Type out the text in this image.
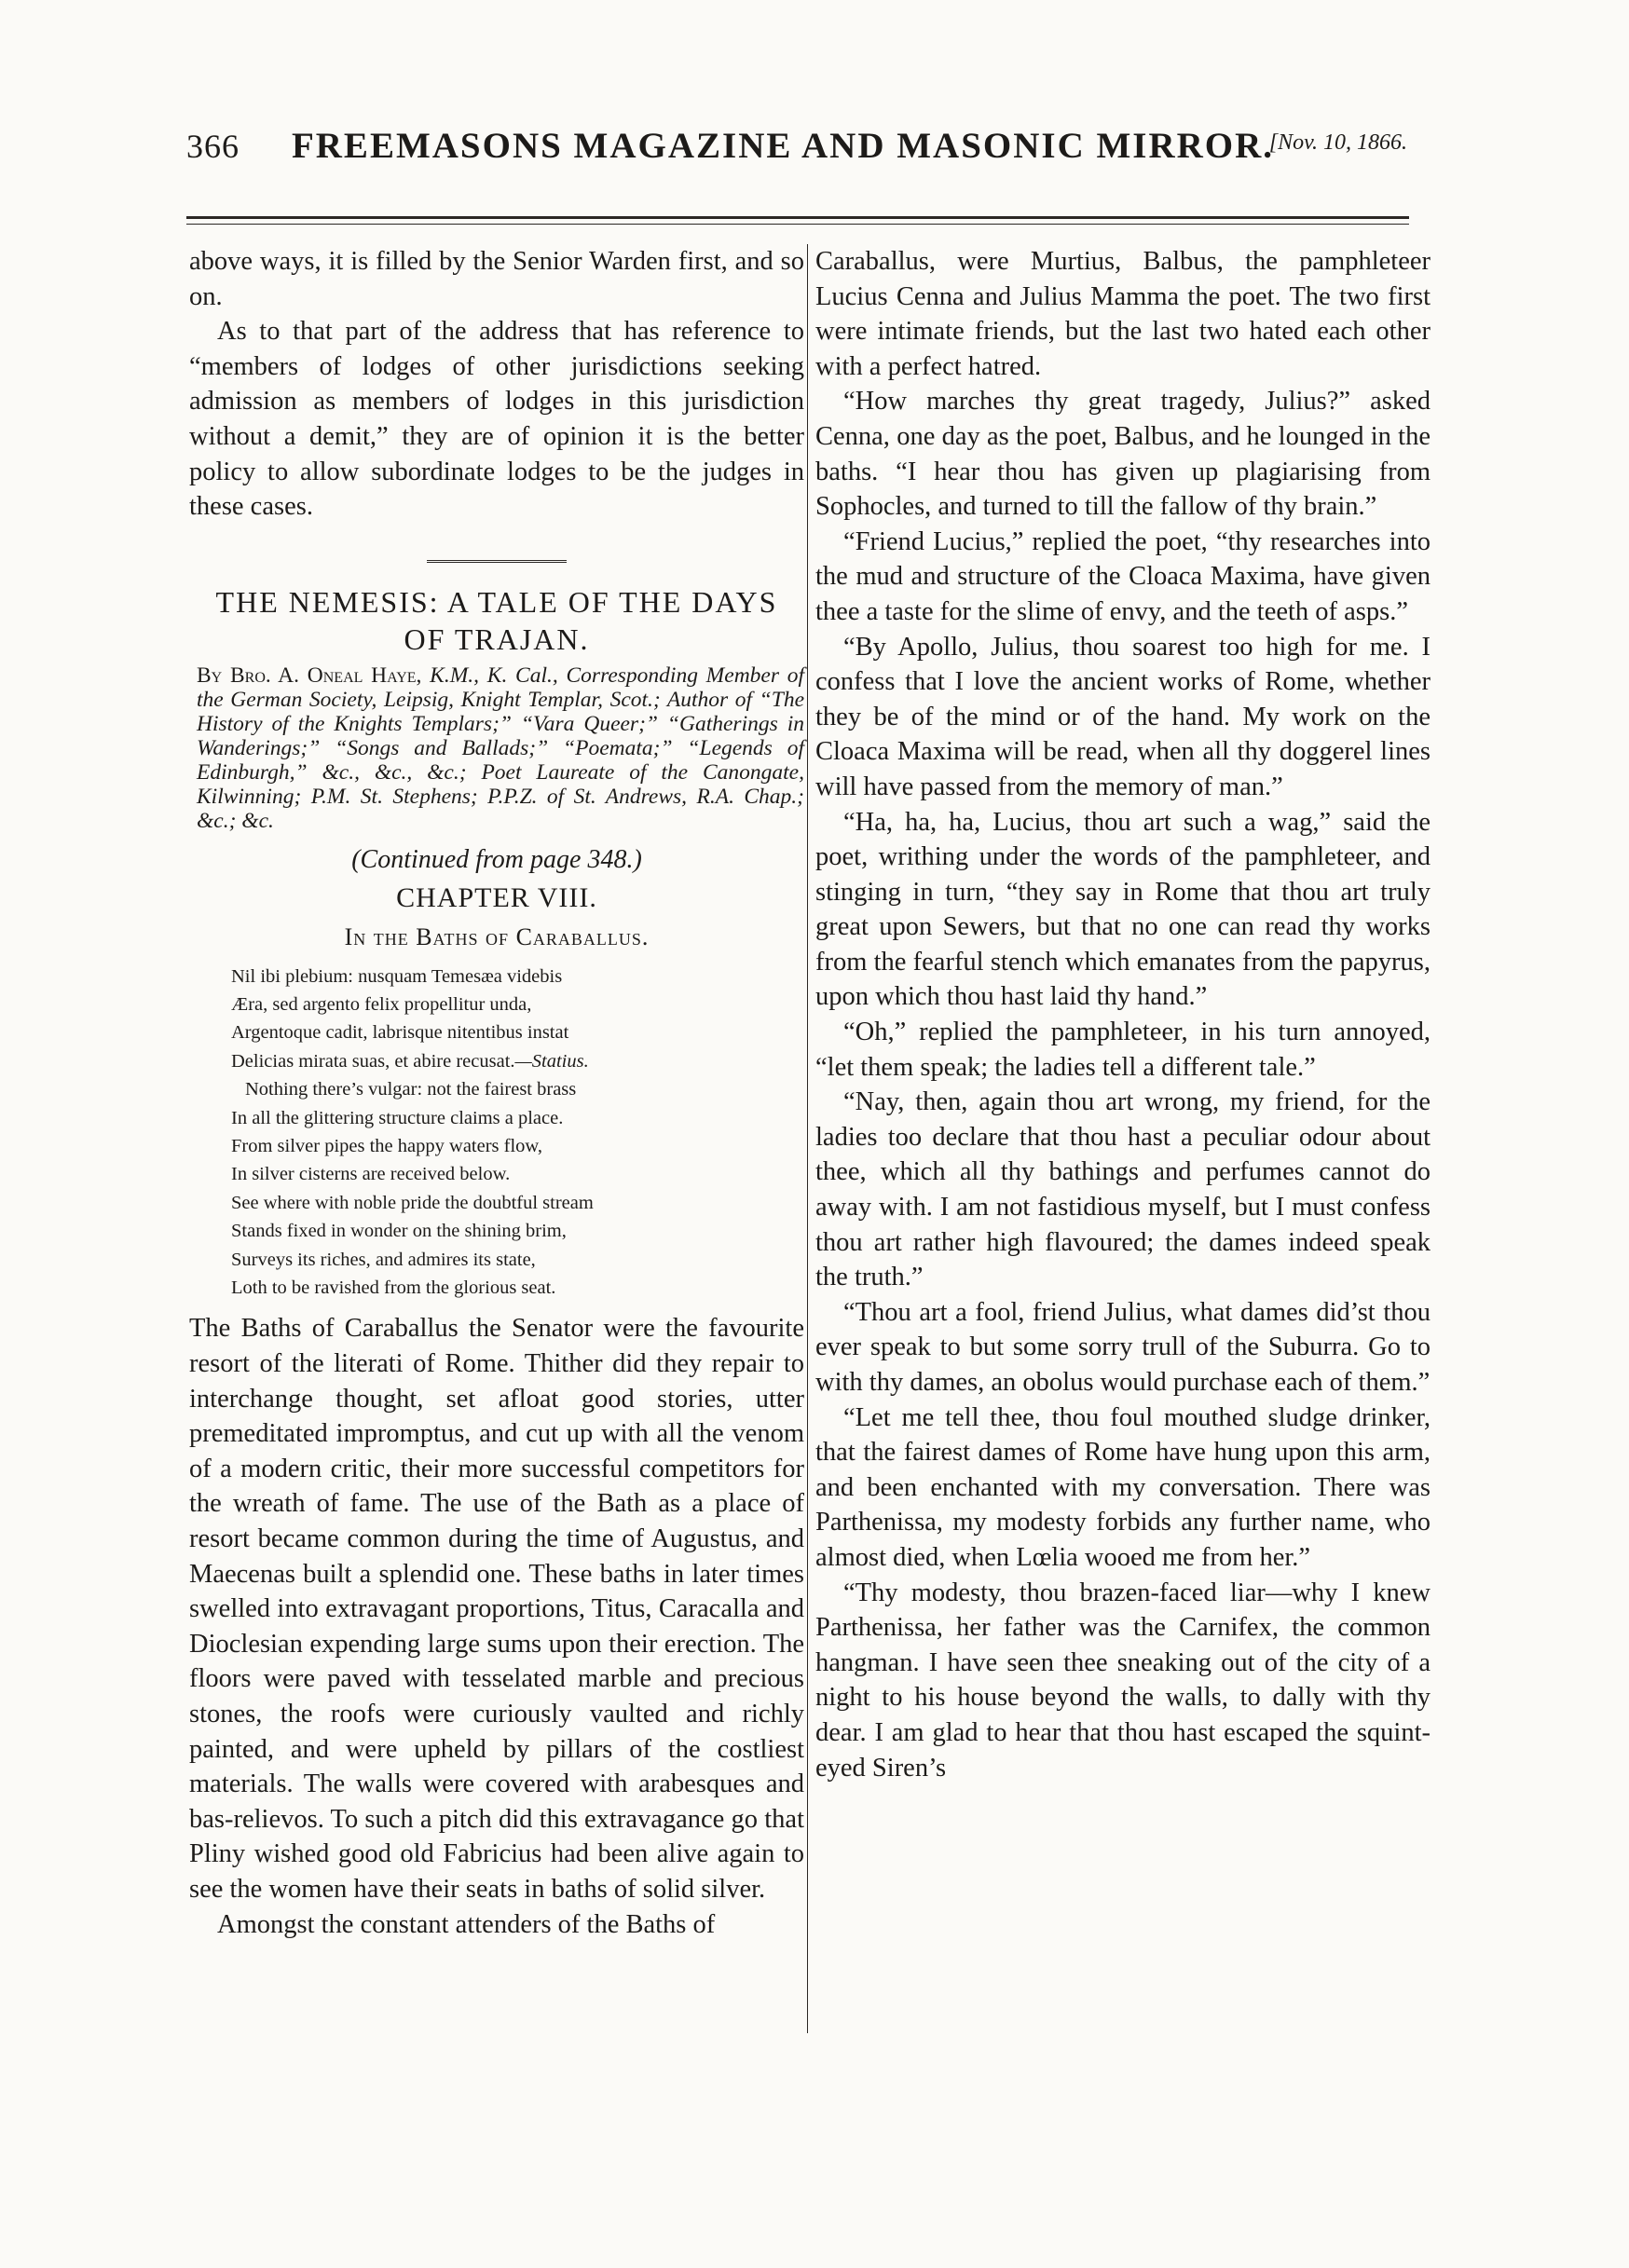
366	FREEMASONS MAGAZINE AND MASONIC MIRROR.
[Nov. 10, 1866.

above ways, it is filled by the Senior Warden first, and so on.

As to that part of the address that has reference to “members of lodges of other jurisdictions seeking admission as members of lodges in this jurisdiction without a demit,” they are of opinion it is the better policy to allow subordinate lodges to be the judges in these cases.

THE NEMESIS: A TALE OF THE DAYS OF TRAJAN.
By Bro. A. Oneal Haye, K.M., K. Cal., Corresponding Member of the German Society, Leipsig, Knight Templar, Scot.; Author of “The History of the Knights Templars;” “Vara Queer;” “Gatherings in Wanderings;” “Songs and Ballads;” “Poemata;” “Legends of Edinburgh,” &c., &c., &c.; Poet Laureate of the Canongate, Kilwinning; P.M. St. Stephens; P.P.Z. of St. Andrews, R.A. Chap.; &c.; &c.
(Continued from page 348.)
CHAPTER VIII.
In the Baths of Caraballus.
Nil ibi plebium: nusquam Temesæa videbis
Æra, sed argento felix propellitur unda,
Argentoque cadit, labrisque nitentibus instat
Delicias mirata suas, et abire recusat.—Statius.
Nothing there’s vulgar: not the fairest brass
In all the glittering structure claims a place.
From silver pipes the happy waters flow,
In silver cisterns are received below.
See where with noble pride the doubtful stream
Stands fixed in wonder on the shining brim,
Surveys its riches, and admires its state,
Loth to be ravished from the glorious seat.

The Baths of Caraballus the Senator were the favourite resort of the literati of Rome. Thither did they repair to interchange thought, set afloat good stories, utter premeditated impromptus, and cut up with all the venom of a modern critic, their more successful competitors for the wreath of fame. The use of the Bath as a place of resort became common during the time of Augustus, and Maecenas built a splendid one. These baths in later times swelled into extravagant proportions, Titus, Caracalla and Dioclesian expending large sums upon their erection. The floors were paved with tesselated marble and precious stones, the roofs were curiously vaulted and richly painted, and were upheld by pillars of the costliest materials. The walls were covered with arabesques and bas-relievos. To such a pitch did this extravagance go that Pliny wished good old Fabricius had been alive again to see the women have their seats in baths of solid silver.

Amongst the constant attenders of the Baths of

Caraballus, were Murtius, Balbus, the pamphleteer Lucius Cenna and Julius Mamma the poet. The two first were intimate friends, but the last two hated each other with a perfect hatred.

“How marches thy great tragedy, Julius?” asked Cenna, one day as the poet, Balbus, and he lounged in the baths. “I hear thou has given up plagiarising from Sophocles, and turned to till the fallow of thy brain.”

“Friend Lucius,” replied the poet, “thy researches into the mud and structure of the Cloaca Maxima, have given thee a taste for the slime of envy, and the teeth of asps.”

“By Apollo, Julius, thou soarest too high for me. I confess that I love the ancient works of Rome, whether they be of the mind or of the hand. My work on the Cloaca Maxima will be read, when all thy doggerel lines will have passed from the memory of man.”

“Ha, ha, ha, Lucius, thou art such a wag,” said the poet, writhing under the words of the pamphleteer, and stinging in turn, “they say in Rome that thou art truly great upon Sewers, but that no one can read thy works from the fearful stench which emanates from the papyrus, upon which thou hast laid thy hand.”

“Oh,” replied the pamphleteer, in his turn annoyed, “let them speak; the ladies tell a different tale.”

“Nay, then, again thou art wrong, my friend, for the ladies too declare that thou hast a peculiar odour about thee, which all thy bathings and perfumes cannot do away with. I am not fastidious myself, but I must confess thou art rather high flavoured; the dames indeed speak the truth.”

“Thou art a fool, friend Julius, what dames did’st thou ever speak to but some sorry trull of the Suburra. Go to with thy dames, an obolus would purchase each of them.”

“Let me tell thee, thou foul mouthed sludge drinker, that the fairest dames of Rome have hung upon this arm, and been enchanted with my conversation. There was Parthenissa, my modesty forbids any further name, who almost died, when Lœlia wooed me from her.”

“Thy modesty, thou brazen-faced liar—why I knew Parthenissa, her father was the Carnifex, the common hangman. I have seen thee sneaking out of the city of a night to his house beyond the walls, to dally with thy dear. I am glad to hear that thou hast escaped the squint-eyed Siren’s
